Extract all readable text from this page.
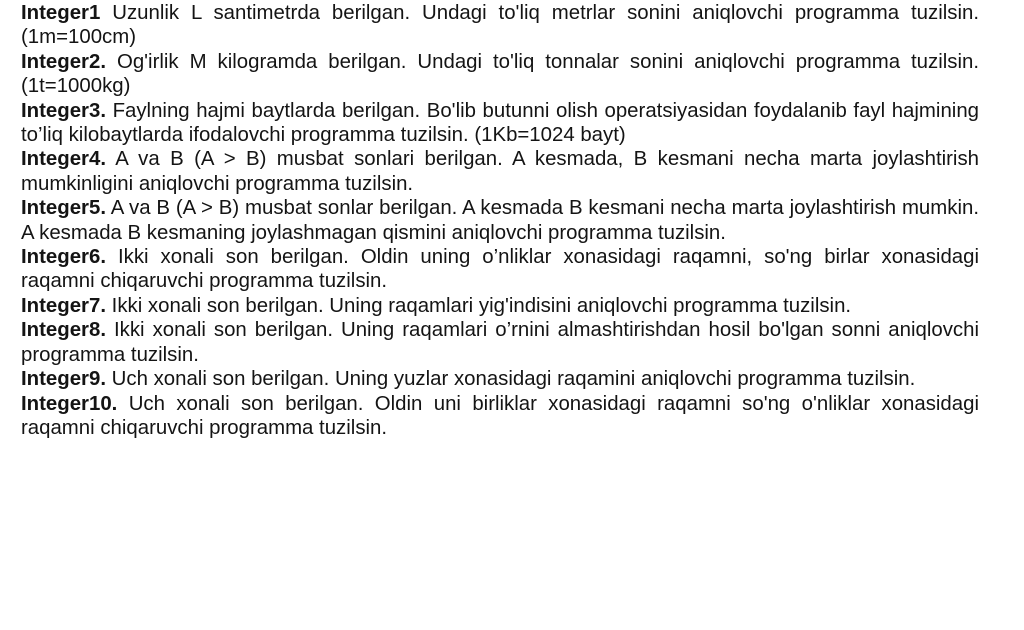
Integer1 Uzunlik L santimetrda berilgan. Undagi to'liq metrlar sonini aniqlovchi programma tuzilsin. (1m=100cm)

Integer2. Og'irlik M kilogramda berilgan. Undagi to'liq tonnalar sonini aniqlovchi programma tuzilsin. (1t=1000kg)

Integer3. Faylning hajmi baytlarda berilgan. Bo'lib butunni olish operatsiyasidan foydalanib fayl hajmining to’liq kilobaytlarda ifodalovchi programma tuzilsin. (1Kb=1024 bayt)

Integer4. A va B (A > B) musbat sonlari berilgan. A kesmada, B kesmani necha marta joylashtirish mumkinligini aniqlovchi programma tuzilsin.

Integer5. A va B (A > B) musbat sonlar berilgan. A kesmada B kesmani necha marta joylashtirish mumkin. A kesmada B kesmaning joylashmagan qismini aniqlovchi programma tuzilsin.

Integer6. Ikki xonali son berilgan. Oldin uning o’nliklar xonasidagi raqamni, so'ng birlar xonasidagi raqamni chiqaruvchi programma tuzilsin.

Integer7. Ikki xonali son berilgan. Uning raqamlari yig'indisini aniqlovchi programma tuzilsin.

Integer8. Ikki xonali son berilgan. Uning raqamlari o’rnini almashtirishdan hosil bo'lgan sonni aniqlovchi programma tuzilsin.

Integer9. Uch xonali son berilgan. Uning yuzlar xonasidagi raqamini aniqlovchi programma tuzilsin.

Integer10. Uch xonali son berilgan. Oldin uni birliklar xonasidagi raqamni so'ng o'nliklar xonasidagi raqamni chiqaruvchi programma tuzilsin.
